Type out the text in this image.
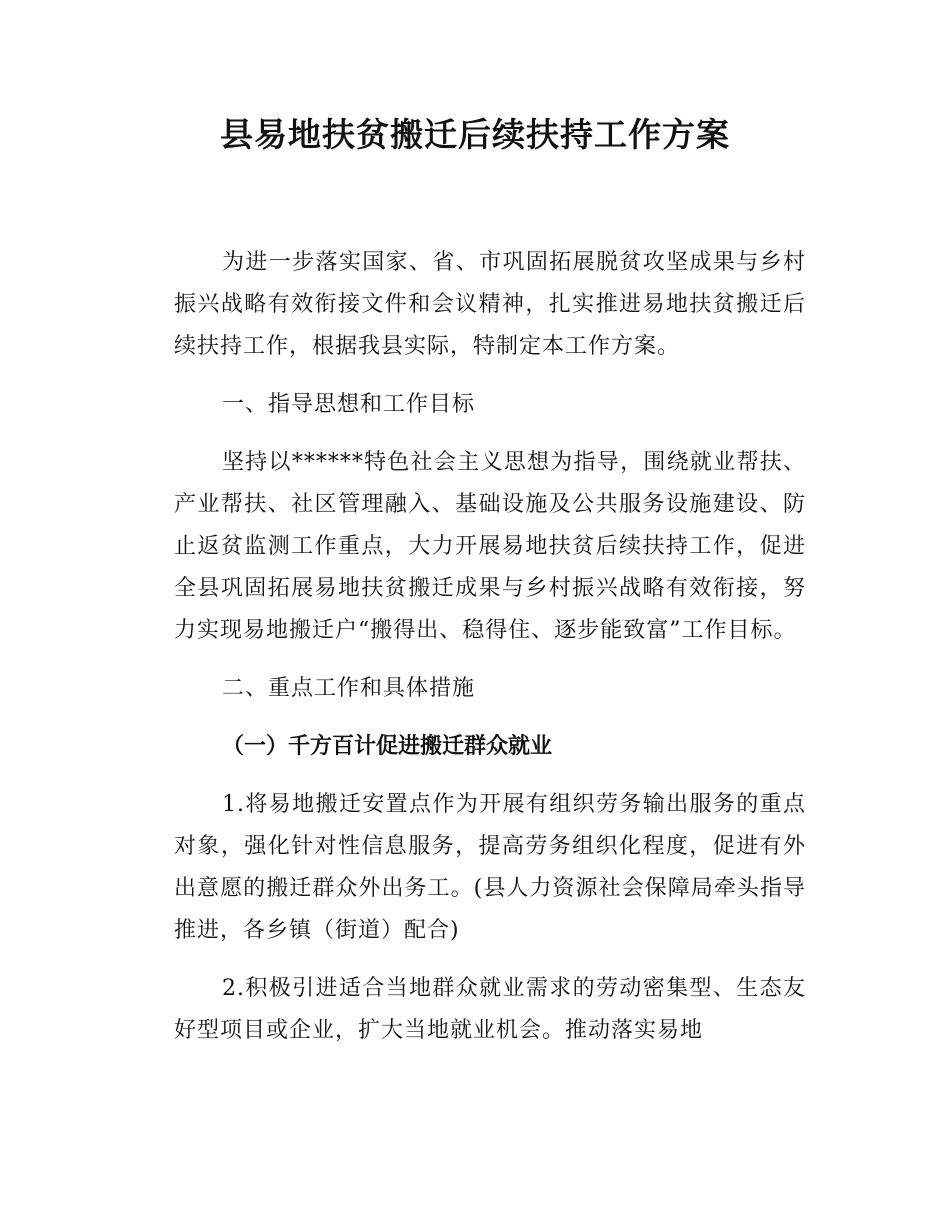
县易地扶贫搬迁后续扶持工作方案

为进一步落实国家、省、市巩固拓展脱贫攻坚成果与乡村振兴战略有效衔接文件和会议精神，扎实推进易地扶贫搬迁后续扶持工作，根据我县实际，特制定本工作方案。

一、指导思想和工作目标

坚持以******特色社会主义思想为指导，围绕就业帮扶、产业帮扶、社区管理融入、基础设施及公共服务设施建设、防止返贫监测工作重点，大力开展易地扶贫后续扶持工作，促进全县巩固拓展易地扶贫搬迁成果与乡村振兴战略有效衔接，努力实现易地搬迁户“搬得出、稳得住、逐步能致富”工作目标。

二、重点工作和具体措施

（一）千方百计促进搬迁群众就业

1.将易地搬迁安置点作为开展有组织劳务输出服务的重点对象，强化针对性信息服务，提高劳务组织化程度，促进有外出意愿的搬迁群众外出务工。(县人力资源社会保障局牵头指导推进，各乡镇（街道）配合)

2.积极引进适合当地群众就业需求的劳动密集型、生态友好型项目或企业，扩大当地就业机会。推动落实易地
